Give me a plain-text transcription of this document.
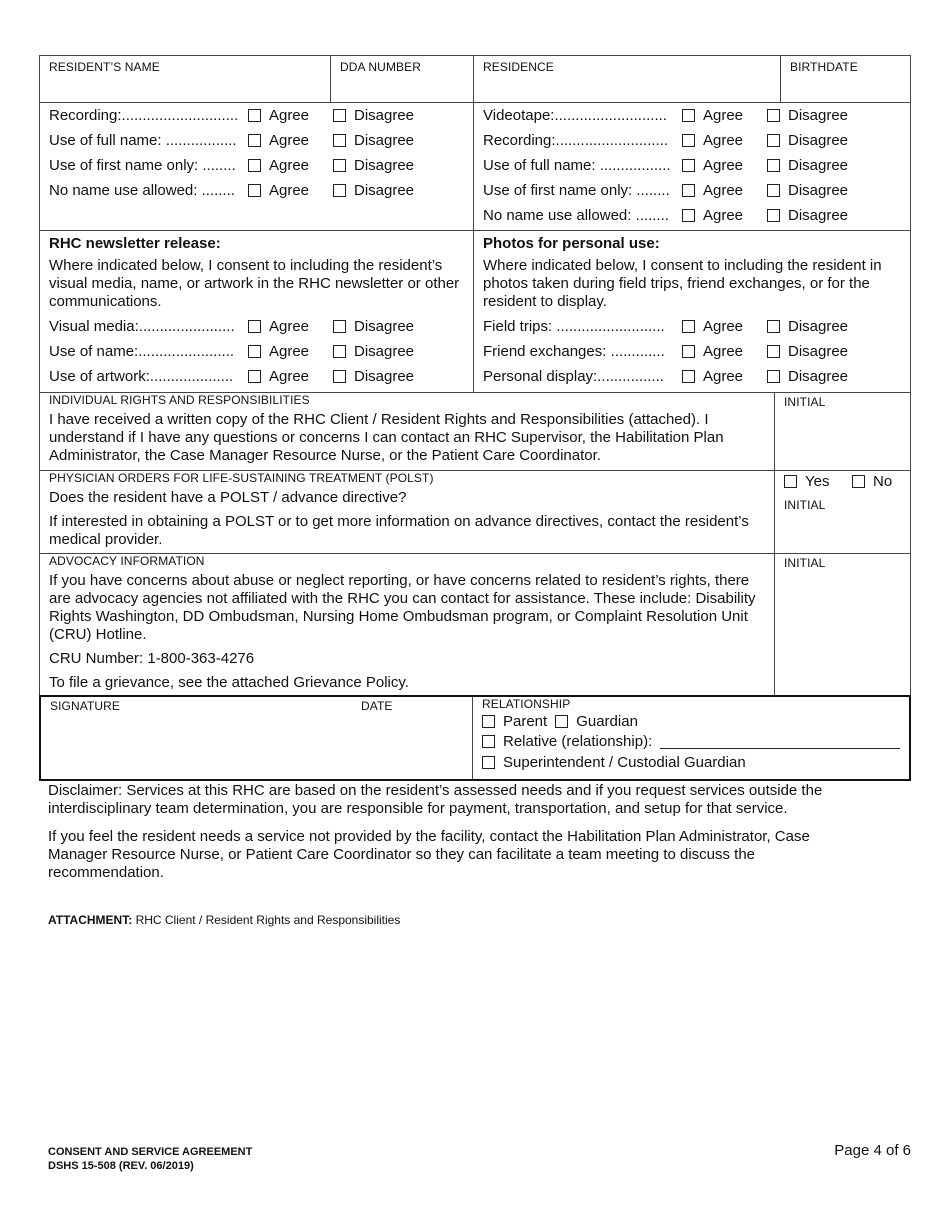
RESIDENT’S NAME	DDA NUMBER	RESIDENCE	BIRTHDATE
Recording:............................	Agree	Disagree
Use of full name: .................	Agree	Disagree
Use of first name only: ........	Agree	Disagree
No name use allowed: ........	Agree	Disagree
Videotape:...........................	Agree	Disagree
Recording:...........................	Agree	Disagree
Use of full name: .................	Agree	Disagree
Use of first name only: ........	Agree	Disagree
No name use allowed: ........	Agree	Disagree
RHC newsletter release:
Where indicated below, I consent to including the resident’s visual media, name, or artwork in the RHC newsletter or other communications.
Visual media:.......................	Agree	Disagree
Use of name:.......................	Agree	Disagree
Use of artwork:....................	Agree	Disagree
Photos for personal use:
Where indicated below, I consent to including the resident in photos taken during field trips, friend exchanges, or for the resident to display.
Field trips: ..........................	Agree	Disagree
Friend exchanges: .............	Agree	Disagree
Personal display:................	Agree	Disagree
INDIVIDUAL RIGHTS AND RESPONSIBILITIES
I have received a written copy of the RHC Client / Resident Rights and Responsibilities (attached). I understand if I have any questions or concerns I can contact an RHC Supervisor, the Habilitation Plan Administrator, the Case Manager Resource Nurse, or the Patient Care Coordinator.
INITIAL
PHYSICIAN ORDERS FOR LIFE-SUSTAINING TREATMENT (POLST)
Does the resident have a POLST / advance directive?
If interested in obtaining a POLST or to get more information on advance directives, contact the resident’s medical provider.
Yes	No
INITIAL
ADVOCACY INFORMATION
If you have concerns about abuse or neglect reporting, or have concerns related to resident’s rights, there are advocacy agencies not affiliated with the RHC you can contact for assistance. These include: Disability Rights Washington, DD Ombudsman, Nursing Home Ombudsman program, or Complaint Resolution Unit (CRU) Hotline.
CRU Number: 1-800-363-4276
To file a grievance, see the attached Grievance Policy.
INITIAL
SIGNATURE	DATE	RELATIONSHIP
Parent Guardian
Relative (relationship):
Superintendent / Custodial Guardian

Disclaimer: Services at this RHC are based on the resident’s assessed needs and if you request services outside the interdisciplinary team determination, you are responsible for payment, transportation, and setup for that service.

If you feel the resident needs a service not provided by the facility, contact the Habilitation Plan Administrator, Case Manager Resource Nurse, or Patient Care Coordinator so they can facilitate a team meeting to discuss the recommendation.

ATTACHMENT: RHC Client / Resident Rights and Responsibilities
CONSENT AND SERVICE AGREEMENT
DSHS 15-508 (REV. 06/2019)
Page 4 of 6
